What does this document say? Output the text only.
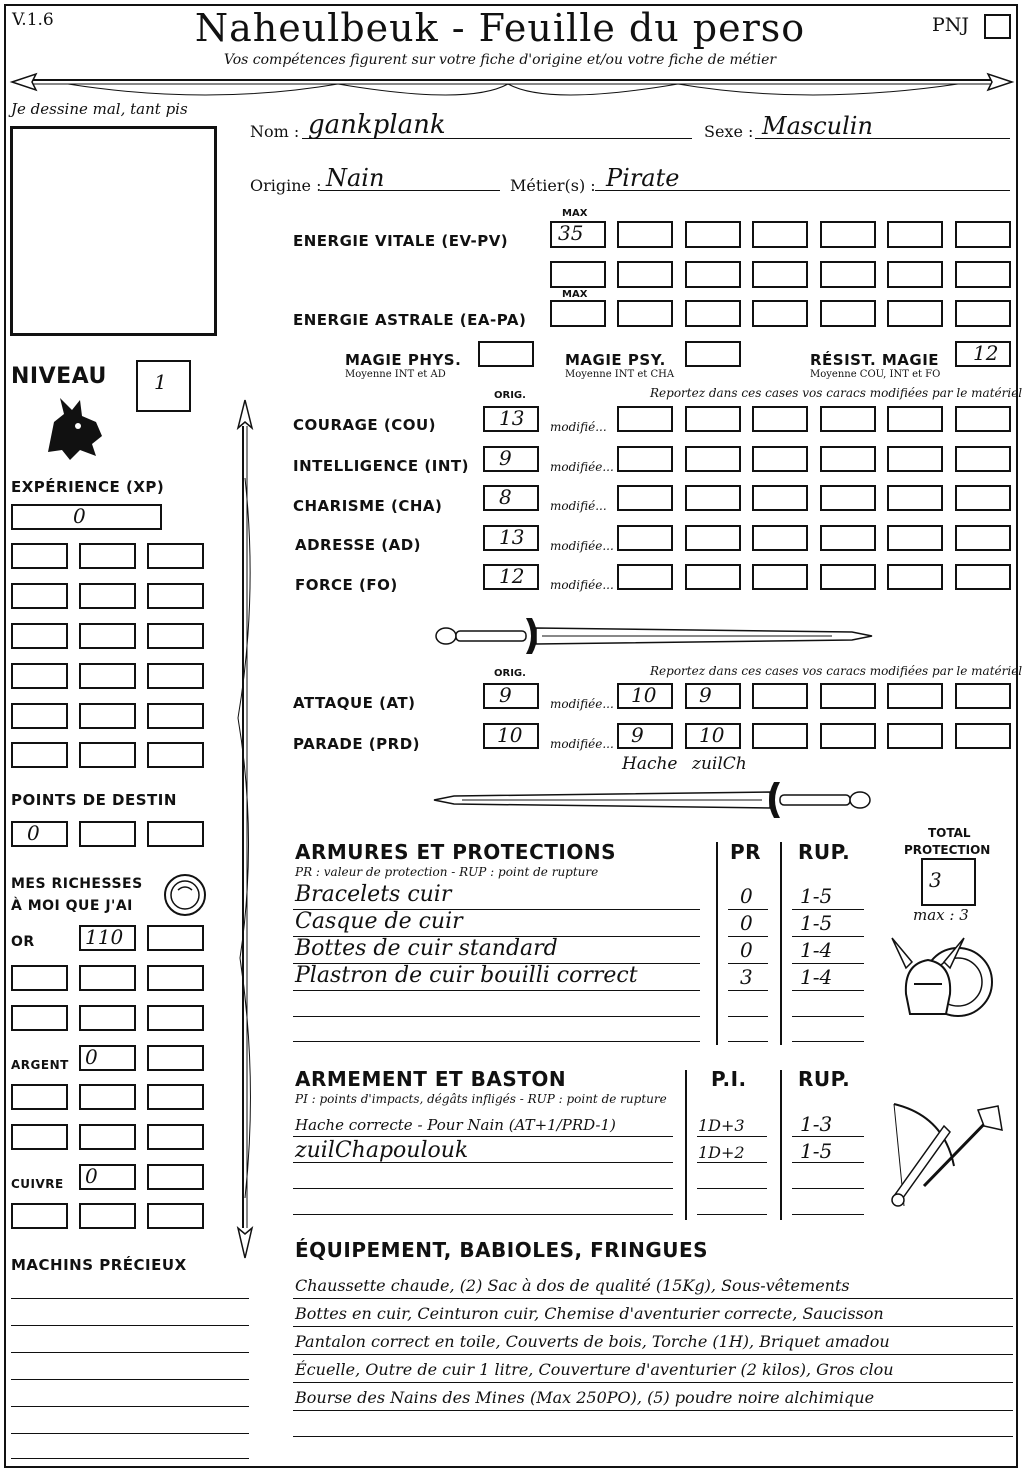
V.1.6	Naheulbeuk - Feuille du perso
Vos compétences figurent sur votre fiche d'origine et/ou votre fiche de métier
PNJ
Je dessine mal, tant pis
Nom : gankplank	Sexe : Masculin
Origine : Nain	Métier(s) : Pirate
MAX
ENERGIE VITALE (EV-PV) 35
MAX
ENERGIE ASTRALE (EA-PA)
MAGIE PHYS.
Moyenne INT et AD
MAGIE PSY.
Moyenne INT et CHA
RÉSIST. MAGIE
Moyenne COU, INT et FO
12
NIVEAU 1
EXPÉRIENCE (XP)
0
POINTS DE DESTIN
0
MES RICHESSES
À MOI QUE J'AI
OR	110
ARGENT 0
CUIVRE 0
MACHINS PRÉCIEUX
ORIG.	Reportez dans ces cases vos caracs modifiées par le matériel
COURAGE (COU)	13 modifié...
INTELLIGENCE (INT) 9	modifiée...
CHARISME (CHA)	8	modifié...
ADRESSE (AD)	13 modifiée...
FORCE (FO)	12 modifiée...
ORIG.	Reportez dans ces cases vos caracs modifiées par le matériel
ATTAQUE (AT)	9	modifiée... 10 9
PARADE (PRD)	10 modifiée... 9	10
Hache zuilCh
ARMURES ET PROTECTIONS
PR : valeur de protection - RUP : point de rupture
PR RUP.
Bracelets cuir	0 1-5
Casque de cuir	0 1-5
Bottes de cuir standard	0 1-4
Plastron de cuir bouilli correct	3 1-4
TOTAL
PROTECTION
3
max : 3
ARMEMENT ET BASTON
PI : points d'impacts, dégâts infligés - RUP : point de rupture
P.I.	RUP.
Hache correcte - Pour Nain (AT+1/PRD-1)	1D+3	1-3
zuilChapoulouk	1D+2	1-5
ÉQUIPEMENT, BABIOLES, FRINGUES
Chaussette chaude, (2) Sac à dos de qualité (15Kg), Sous-vêtements
Bottes en cuir, Ceinturon cuir, Chemise d'aventurier correcte, Saucisson
Pantalon correct en toile, Couverts de bois, Torche (1H), Briquet amadou
Écuelle, Outre de cuir 1 litre, Couverture d'aventurier (2 kilos), Gros clou
Bourse des Nains des Mines (Max 250PO), (5) poudre noire alchimique
